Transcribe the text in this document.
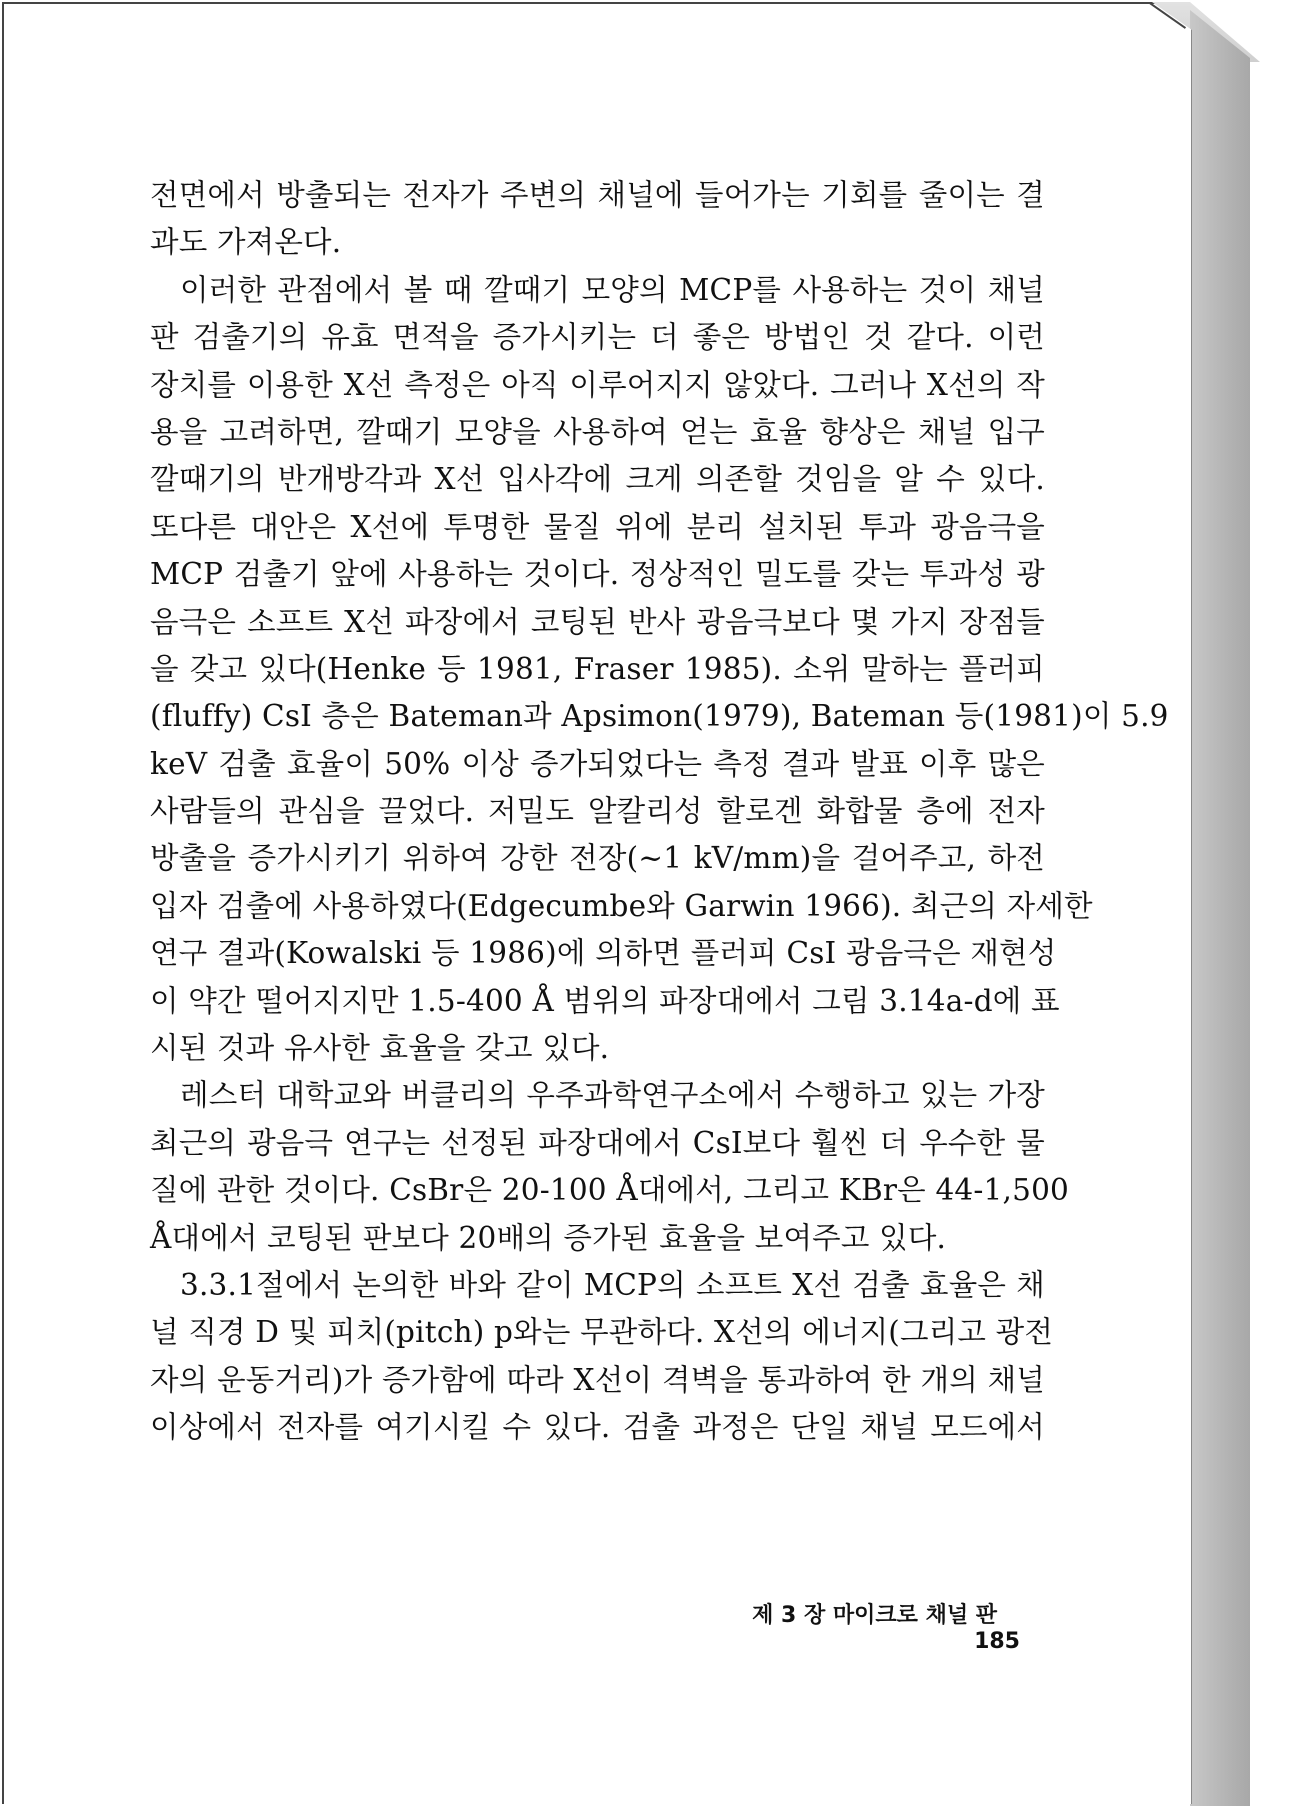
전면에서 방출되는 전자가 주변의 채널에 들어가는 기회를 줄이는 결
과도 가져온다.
이러한 관점에서 볼 때 깔때기 모양의 MCP를 사용하는 것이 채널
판 검출기의 유효 면적을 증가시키는 더 좋은 방법인 것 같다. 이런
장치를 이용한 X선 측정은 아직 이루어지지 않았다. 그러나 X선의 작
용을 고려하면, 깔때기 모양을 사용하여 얻는 효율 향상은 채널 입구
깔때기의 반개방각과 X선 입사각에 크게 의존할 것임을 알 수 있다.
또다른 대안은 X선에 투명한 물질 위에 분리 설치된 투과 광음극을
MCP 검출기 앞에 사용하는 것이다. 정상적인 밀도를 갖는 투과성 광
음극은 소프트 X선 파장에서 코팅된 반사 광음극보다 몇 가지 장점들
을 갖고 있다(Henke 등 1981, Fraser 1985). 소위 말하는 플러피
(fluffy) CsI 층은 Bateman과 Apsimon(1979), Bateman 등(1981)이 5.9
keV 검출 효율이 50% 이상 증가되었다는 측정 결과 발표 이후 많은
사람들의 관심을 끌었다. 저밀도 알칼리성 할로겐 화합물 층에 전자
방출을 증가시키기 위하여 강한 전장(~1 kV/mm)을 걸어주고, 하전
입자 검출에 사용하였다(Edgecumbe와 Garwin 1966). 최근의 자세한
연구 결과(Kowalski 등 1986)에 의하면 플러피 CsI 광음극은 재현성
이 약간 떨어지지만 1.5-400 Å 범위의 파장대에서 그림 3.14a-d에 표
시된 것과 유사한 효율을 갖고 있다.
레스터 대학교와 버클리의 우주과학연구소에서 수행하고 있는 가장
최근의 광음극 연구는 선정된 파장대에서 CsI보다 훨씬 더 우수한 물
질에 관한 것이다. CsBr은 20-100 Å대에서, 그리고 KBr은 44-1,500
Å대에서 코팅된 판보다 20배의 증가된 효율을 보여주고 있다.
3.3.1절에서 논의한 바와 같이 MCP의 소프트 X선 검출 효율은 채
널 직경 D 및 피치(pitch) p와는 무관하다. X선의 에너지(그리고 광전
자의 운동거리)가 증가함에 따라 X선이 격벽을 통과하여 한 개의 채널
이상에서 전자를 여기시킬 수 있다. 검출 과정은 단일 채널 모드에서
제 3 장 마이크로 채널 판    185
